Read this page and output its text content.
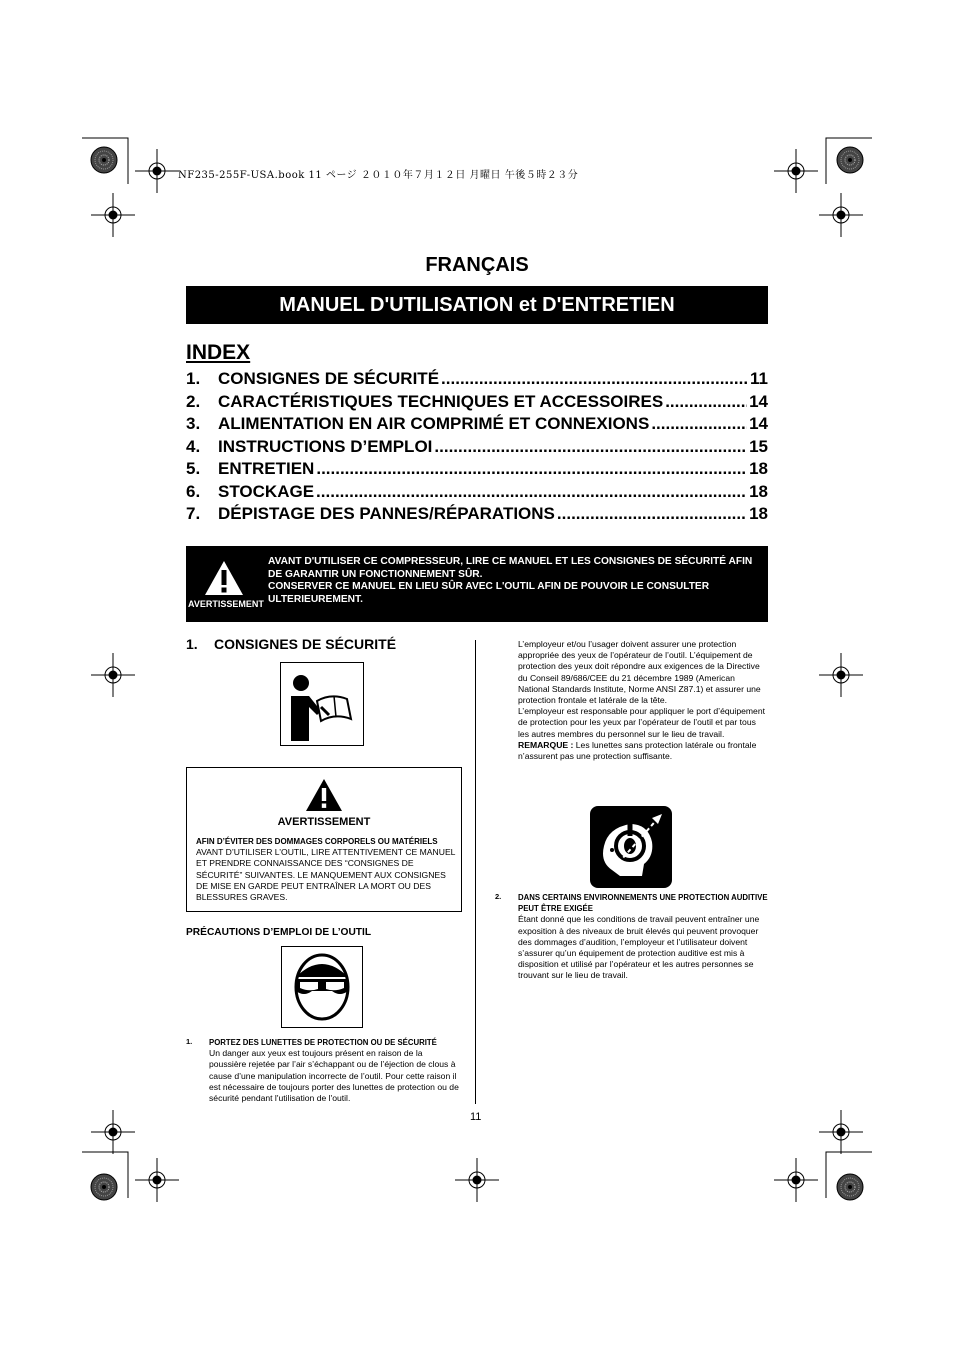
NF235-255F-USA.book 11 ページ ２０１０年７月１２日 月曜日 午後５時２３分
FRANÇAIS
MANUEL D'UTILISATION et D'ENTRETIEN
INDEX
1.	CONSIGNES DE SÉCURITÉ .....	11
2.	CARACTÉRISTIQUES TECHNIQUES ET ACCESSOIRES .....	14
3.	ALIMENTATION EN AIR COMPRIMÉ ET CONNEXIONS .....	14
4.	INSTRUCTIONS D’EMPLOI .....	15
5.	ENTRETIEN .....	18
6.	STOCKAGE .....	18
7.	DÉPISTAGE DES PANNES/RÉPARATIONS .....	18
AVERTISSEMENT
AVANT D'UTILISER CE COMPRESSEUR, LIRE CE MANUEL ET LES CONSIGNES DE SÉCURITÉ AFIN DE GARANTIR UN FONCTIONNEMENT SÛR.
CONSERVER CE MANUEL EN LIEU SÛR AVEC L'OUTIL AFIN DE POUVOIR LE CONSULTER ULTERIEUREMENT.
1. CONSIGNES DE SÉCURITÉ
AVERTISSEMENT
AFIN D’ÉVITER DES DOMMAGES CORPORELS OU MATÉRIELS
AVANT D’UTILISER L’OUTIL, LIRE ATTENTIVEMENT CE MANUEL ET PRENDRE CONNAISSANCE DES “CONSIGNES DE SÉCURITÉ” SUIVANTES. LE MANQUEMENT AUX CONSIGNES DE MISE EN GARDE PEUT ENTRAÎNER LA MORT OU DES BLESSURES GRAVES.
PRÉCAUTIONS D’EMPLOI DE L’OUTIL
1. PORTEZ DES LUNETTES DE PROTECTION OU DE SÉCURITÉ
Un danger aux yeux est toujours présent en raison de la poussière rejetée par l’air s’échappant ou de l’éjection de clous à cause d’une manipulation incorrecte de l’outil. Pour cette raison il est nécessaire de toujours porter des lunettes de protection ou de sécurité pendant l'utilisation de l'outil.
L’employeur et/ou l’usager doivent assurer une protection appropriée des yeux de l’opérateur de l’outil. L’équipement de protection des yeux doit répondre aux exigences de la Directive du Conseil 89/686/CEE du 21 décembre 1989 (American National Standards Institute, Norme ANSI Z87.1) et assurer une protection frontale et latérale de la tête.
L’employeur est responsable pour appliquer le port d’équipement de protection pour les yeux par l’opérateur de l’outil et par tous les autres membres du personnel sur le lieu de travail.
REMARQUE : Les lunettes sans protection latérale ou frontale n’assurent pas une protection suffisante.
2. DANS CERTAINS ENVIRONNEMENTS UNE PROTECTION AUDITIVE PEUT ÊTRE EXIGÉE
Étant donné que les conditions de travail peuvent entraîner une exposition à des niveaux de bruit élevés qui peuvent provoquer des dommages d’audition, l’employeur et l’utilisateur doivent s’assurer qu’un équipement de protection auditive est mis à disposition et utilisé par l’opérateur et les autres personnes se trouvant sur le lieu de travail.
11
